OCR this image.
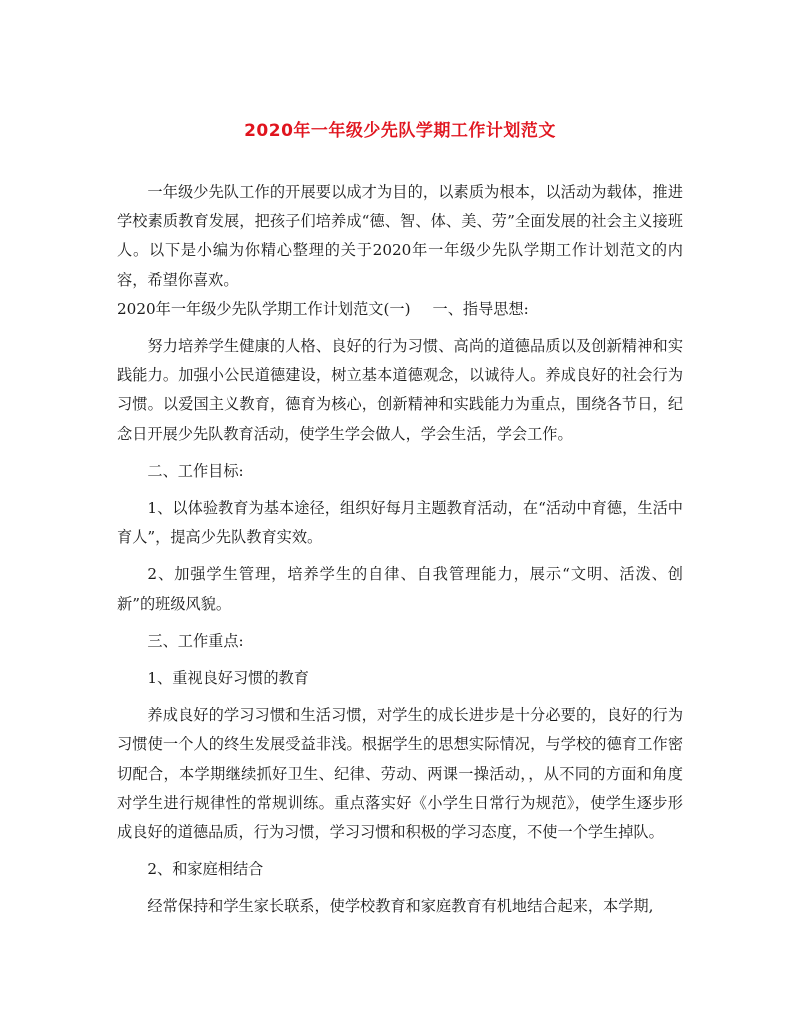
2020年一年级少先队学期工作计划范文

一年级少先队工作的开展要以成才为目的，以素质为根本，以活动为载体，推进学校素质教育发展，把孩子们培养成“德、智、体、美、劳”全面发展的社会主义接班人。以下是小编为你精心整理的关于2020年一年级少先队学期工作计划范文的内容，希望你喜欢。

2020年一年级少先队学期工作计划范文(一) 一、指导思想:

努力培养学生健康的人格、良好的行为习惯、高尚的道德品质以及创新精神和实践能力。加强小公民道德建设，树立基本道德观念，以诚待人。养成良好的社会行为习惯。以爱国主义教育，德育为核心，创新精神和实践能力为重点，围绕各节日，纪念日开展少先队教育活动，使学生学会做人，学会生活，学会工作。

二、工作目标:

1、以体验教育为基本途径，组织好每月主题教育活动，在“活动中育德，生活中育人”，提高少先队教育实效。

2、加强学生管理，培养学生的自律、自我管理能力，展示“文明、活泼、创新”的班级风貌。

三、工作重点:

1、重视良好习惯的教育

养成良好的学习习惯和生活习惯，对学生的成长进步是十分必要的，良好的行为习惯使一个人的终生发展受益非浅。根据学生的思想实际情况，与学校的德育工作密切配合，本学期继续抓好卫生、纪律、劳动、两课一操活动，，从不同的方面和角度对学生进行规律性的常规训练。重点落实好《小学生日常行为规范》，使学生逐步形成良好的道德品质，行为习惯，学习习惯和积极的学习态度，不使一个学生掉队。

2、和家庭相结合

经常保持和学生家长联系，使学校教育和家庭教育有机地结合起来，本学期,
